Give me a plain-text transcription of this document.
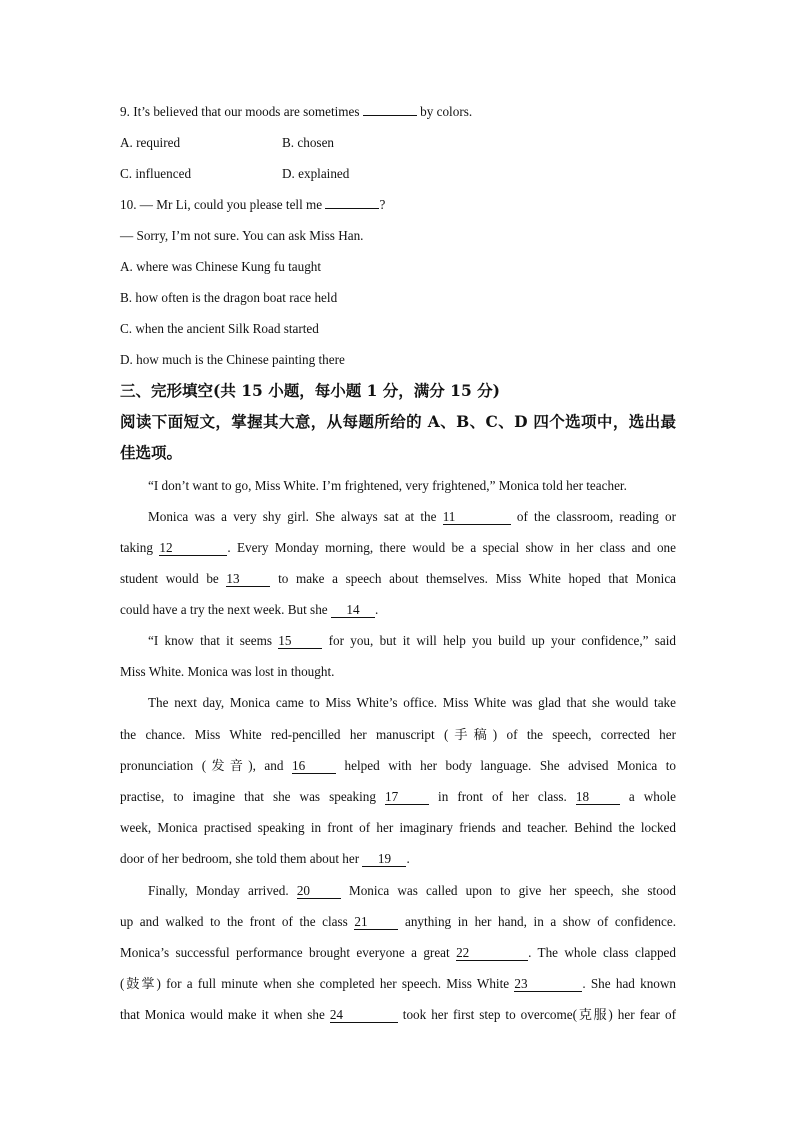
9. It’s believed that our moods are sometimes	by colors.
A. required	B. chosen
C. influenced	D. explained
10. — Mr Li, could you please tell me	?
— Sorry, I’m not sure. You can ask Miss Han.
A. where was Chinese Kung fu taught
B. how often is the dragon boat race held
C. when the ancient Silk Road started
D. how much is the Chinese painting there
三、完形填空(共 15 小题，每小题 1 分，满分 15 分)
阅读下面短文，掌握其大意，从每题所给的 A、B、C、D 四个选项中，选出最
佳选项。
“I don’t want to go, Miss White. I’m frightened, very frightened,” Monica told her teacher.
Monica was a very shy girl. She always sat at the 11	of the classroom, reading or
taking 12	. Every Monday morning, there would be a special show in her class and one
student would be 13	to make a speech about themselves. Miss White hoped that Monica
could have a try the next week. But she 14 .
“I know that it seems 15	for you, but it will help you build up your confidence,” said
Miss White. Monica was lost in thought.
The next day, Monica came to Miss White’s office. Miss White was glad that she would take
the chance. Miss White red-pencilled her manuscript (手稿) of the speech, corrected her
pronunciation (发音), and 16	helped with her body language. She advised Monica to
practise, to imagine that she was speaking 17	in front of her class. 18	a whole
week, Monica practised speaking in front of her imaginary friends and teacher. Behind the locked
door of her bedroom, she told them about her 19 .
Finally, Monday arrived. 20	Monica was called upon to give her speech, she stood
up and walked to the front of the class 21	anything in her hand, in a show of confidence.
Monica’s successful performance brought everyone a great 22	. The whole class clapped
(鼓掌) for a full minute when she completed her speech. Miss White 23	. She had known
that Monica would make it when she 24	took her first step to overcome(克服) her fear of
